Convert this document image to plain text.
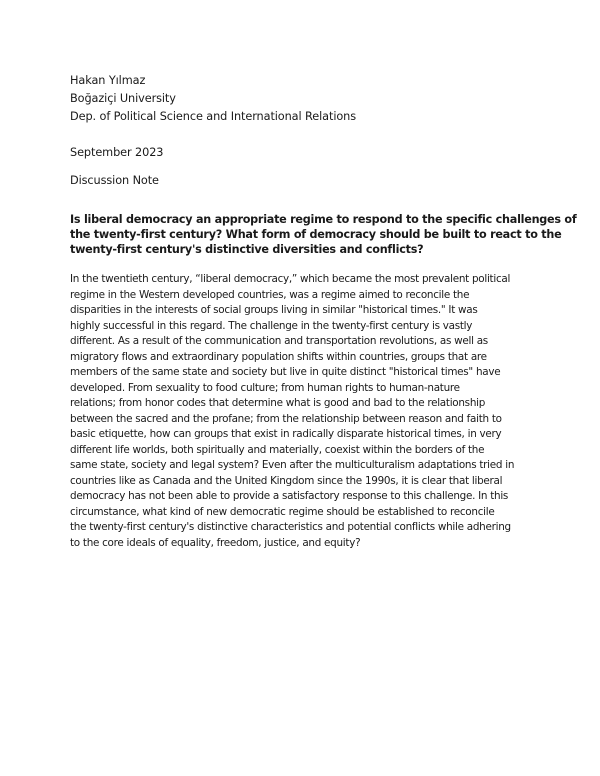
Hakan Yılmaz
Boğaziçi University
Dep. of Political Science and International Relations
September 2023
Discussion Note
Is liberal democracy an appropriate regime to respond to the specific challenges of
the twenty-first century? What form of democracy should be built to react to the
twenty-first century's distinctive diversities and conflicts?
In the twentieth century, “liberal democracy,” which became the most prevalent political
regime in the Western developed countries, was a regime aimed to reconcile the
disparities in the interests of social groups living in similar "historical times." It was
highly successful in this regard. The challenge in the twenty-first century is vastly
different. As a result of the communication and transportation revolutions, as well as
migratory flows and extraordinary population shifts within countries, groups that are
members of the same state and society but live in quite distinct "historical times" have
developed. From sexuality to food culture; from human rights to human-nature
relations; from honor codes that determine what is good and bad to the relationship
between the sacred and the profane; from the relationship between reason and faith to
basic etiquette, how can groups that exist in radically disparate historical times, in very
different life worlds, both spiritually and materially, coexist within the borders of the
same state, society and legal system? Even after the multiculturalism adaptations tried in
countries like as Canada and the United Kingdom since the 1990s, it is clear that liberal
democracy has not been able to provide a satisfactory response to this challenge. In this
circumstance, what kind of new democratic regime should be established to reconcile
the twenty-first century's distinctive characteristics and potential conflicts while adhering
to the core ideals of equality, freedom, justice, and equity?
